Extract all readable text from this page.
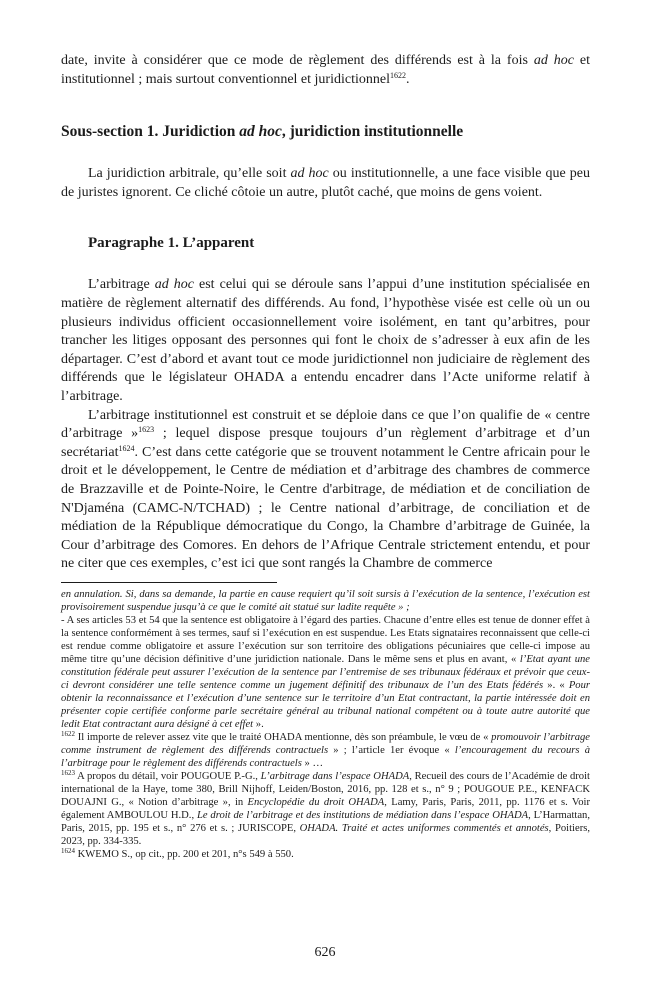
date, invite à considérer que ce mode de règlement des différends est à la fois ad hoc et institutionnel ; mais surtout conventionnel et juridictionnel$^{1622}$.

Sous-section 1. Juridiction ad hoc, juridiction institutionnelle

La juridiction arbitrale, qu’elle soit ad hoc ou institutionnelle, a une face visible que peu de juristes ignorent. Ce cliché côtoie un autre, plutôt caché, que moins de gens voient.

Paragraphe 1. L’apparent

L’arbitrage ad hoc est celui qui se déroule sans l’appui d’une institution spécialisée en matière de règlement alternatif des différends. Au fond, l’hypothèse visée est celle où un ou plusieurs individus officient occasionnellement voire isolément, en tant qu’arbitres, pour trancher les litiges opposant des personnes qui font le choix de s’adresser à eux afin de les départager. C’est d’abord et avant tout ce mode juridictionnel non judiciaire de règlement des différends que le législateur OHADA a entendu encadrer dans l’Acte uniforme relatif à l’arbitrage.

L’arbitrage institutionnel est construit et se déploie dans ce que l’on qualifie de « centre d’arbitrage »$^{1623}$ ; lequel dispose presque toujours d’un règlement d’arbitrage et d’un secrétariat$^{1624}$. C’est dans cette catégorie que se trouvent notamment le Centre africain pour le droit et le développement, le Centre de médiation et d’arbitrage des chambres de commerce de Brazzaville et de Pointe-Noire, le Centre d'arbitrage, de médiation et de conciliation de N'Djaména (CAMC-N/TCHAD) ; le Centre national d’arbitrage, de conciliation et de médiation de la République démocratique du Congo, la Chambre d’arbitrage de Guinée, la Cour d’arbitrage des Comores. En dehors de l’Afrique Centrale strictement entendu, et pour ne citer que ces exemples, c’est ici que sont rangés la Chambre de commerce

en annulation. Si, dans sa demande, la partie en cause requiert qu’il soit sursis à l’exécution de la sentence, l’exécution est provisoirement suspendue jusqu’à ce que le comité ait statué sur ladite requête » ;

- A ses articles 53 et 54 que la sentence est obligatoire à l’égard des parties. Chacune d’entre elles est tenue de donner effet à la sentence conformément à ses termes, sauf si l’exécution en est suspendue. Les Etats signataires reconnaissent que celle-ci est rendue comme obligatoire et assure l’exécution sur son territoire des obligations pécuniaires que celle-ci impose au même titre qu’une décision définitive d’une juridiction nationale. Dans le même sens et plus en avant, « l’Etat ayant une constitution fédérale peut assurer l’exécution de la sentence par l’entremise de ses tribunaux fédéraux et prévoir que ceux-ci devront considérer une telle sentence comme un jugement définitif des tribunaux de l’un des Etats fédérés ». « Pour obtenir la reconnaissance et l’exécution d’une sentence sur le territoire d’un Etat contractant, la partie intéressée doit en présenter copie certifiée conforme parle secrétaire général au tribunal national compétent ou à toute autre autorité que ledit Etat contractant aura désigné à cet effet ».

$^{1622}$ Il importe de relever assez vite que le traité OHADA mentionne, dès son préambule, le vœu de « promouvoir l’arbitrage comme instrument de règlement des différends contractuels » ; l’article 1er évoque « l’encouragement du recours à l’arbitrage pour le règlement des différends contractuels » …

$^{1623}$ A propos du détail, voir POUGOUE P.-G., L’arbitrage dans l’espace OHADA, Recueil des cours de l’Académie de droit international de la Haye, tome 380, Brill Nijhoff, Leiden/Boston, 2016, pp. 128 et s., n° 9 ; POUGOUE P.E., KENFACK DOUAJNI G., « Notion d’arbitrage », in Encyclopédie du droit OHADA, Lamy, Paris, Paris, 2011, pp. 1176 et s. Voir également AMBOULOU H.D., Le droit de l’arbitrage et des institutions de médiation dans l’espace OHADA, L’Harmattan, Paris, 2015, pp. 195 et s., n° 276 et s. ; JURISCOPE, OHADA. Traité et actes uniformes commentés et annotés, Poitiers, 2023, pp. 334-335.

$^{1624}$ KWEMO S., op cit., pp. 200 et 201, n°s 549 à 550.

626
